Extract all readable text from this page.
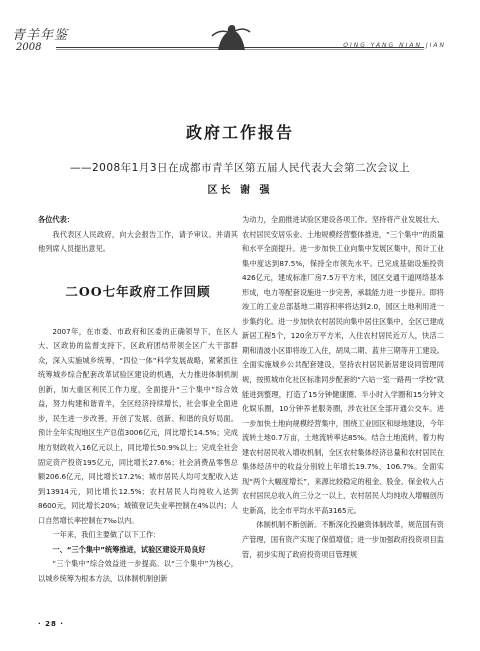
青羊年鉴
2008	QING YANG NIAN JIAN
政府工作报告
——2008年1月3日在成都市青羊区第五届人民代表大会第二次会议上
区长 谢 强

各位代表：

我代表区人民政府，向大会报告工作，请予审议。并请其他列席人员提出意见。

二OO七年政府工作回顾

2007年，在市委、市政府和区委的正确领导下，在区人大、区政协的监督支持下，区政府团结带领全区广大干部群众，深入实施城乡统筹、“四位一体”科学发展战略，紧紧抓住统筹城乡综合配套改革试验区建设的机遇，大力推进体制机制创新，加大重区利民工作力度，全面提升“三个集中”综合效益，努力构建和谐青羊，全区经济持续增长，社会事业全面进步，民生进一步改善，开创了发展、创新、和谐的良好局面。预计全年实现地区生产总值3006亿元，同比增长14.5%；完成地方财政收入16亿元以上，同比增长50.9%以上；完成全社会固定资产投资195亿元，同比增长27.6%；社会消费品零售总额206.6亿元，同比增长17.2%；城市居民人均可支配收入达到13914元，同比增长12.5%；农村居民人均纯收入达到8600元，同比增长20%；城镇登记失业率控制在4%以内；人口自然增长率控制在7‰以内。

一年来，我们主要做了以下工作：

一、“三个集中”统筹推进，试验区建设开局良好

“三个集中”综合效益进一步提高。以“三个集中”为核心，以城乡统筹为根本方法，以体制机制创新

为动力，全面推进试验区建设各项工作。坚持将产业发展壮大、农村居民安居乐业、土地规模经营整体推进，“三个集中”的质量和水平全面提升。进一步加快工业向集中发展区集中，预计工业集中度达到87.5%，保持全市领先水平。已完成基础设施投资426亿元，建成标准厂房7.5万平方米，园区交通干道网络基本形成，电力等配套设施进一步完善，承载能力进一步提升。即将竣工的工业总部基地二期容积率将达到2.0，园区土地利用进一步集约化。进一步加快农村居民向集中居住区集中，全区已建成新居工程5个，120余万平方米，入住农村居民近万人，快活二期和清波小区即将竣工入住，胡凤二期、蓝井三期等开工建设。全面实施城乡公共配套建设，坚持农村居民新居建设同管理同规，按照城市化社区标准同步配套的“六站一室一路两一学校”就能进到整理，打造了15分钟健康圈、半小时入学圈和15分钟文化娱乐圈，10分钟养老服务圈，涉农社区全部开通公交车。进一步加快土地向规模经营集中，围绕工业园区和绿地建设，今年流转土地0.7万亩，土地流转率达85%。结合土地流转，着力构建农村居民收入增收机制，全区农村集体经济总量和农村居民在集体经济中的收益分别较上年增长19.7%、106.7%。全面实现“两个大幅度增长”，来源比较稳定的租金、股金、保金收入占农村居民总收入的三分之一以上，农村居民人均纯收入增幅创历史新高，比全市平均水平高3165元。

体制机制不断创新。不断深化投融资体制改革，规范国有资产管理，国有资产实现了保值增值；进一步加强政府投资项目监管，初步实现了政府投资项目管理规

· 28 ·
